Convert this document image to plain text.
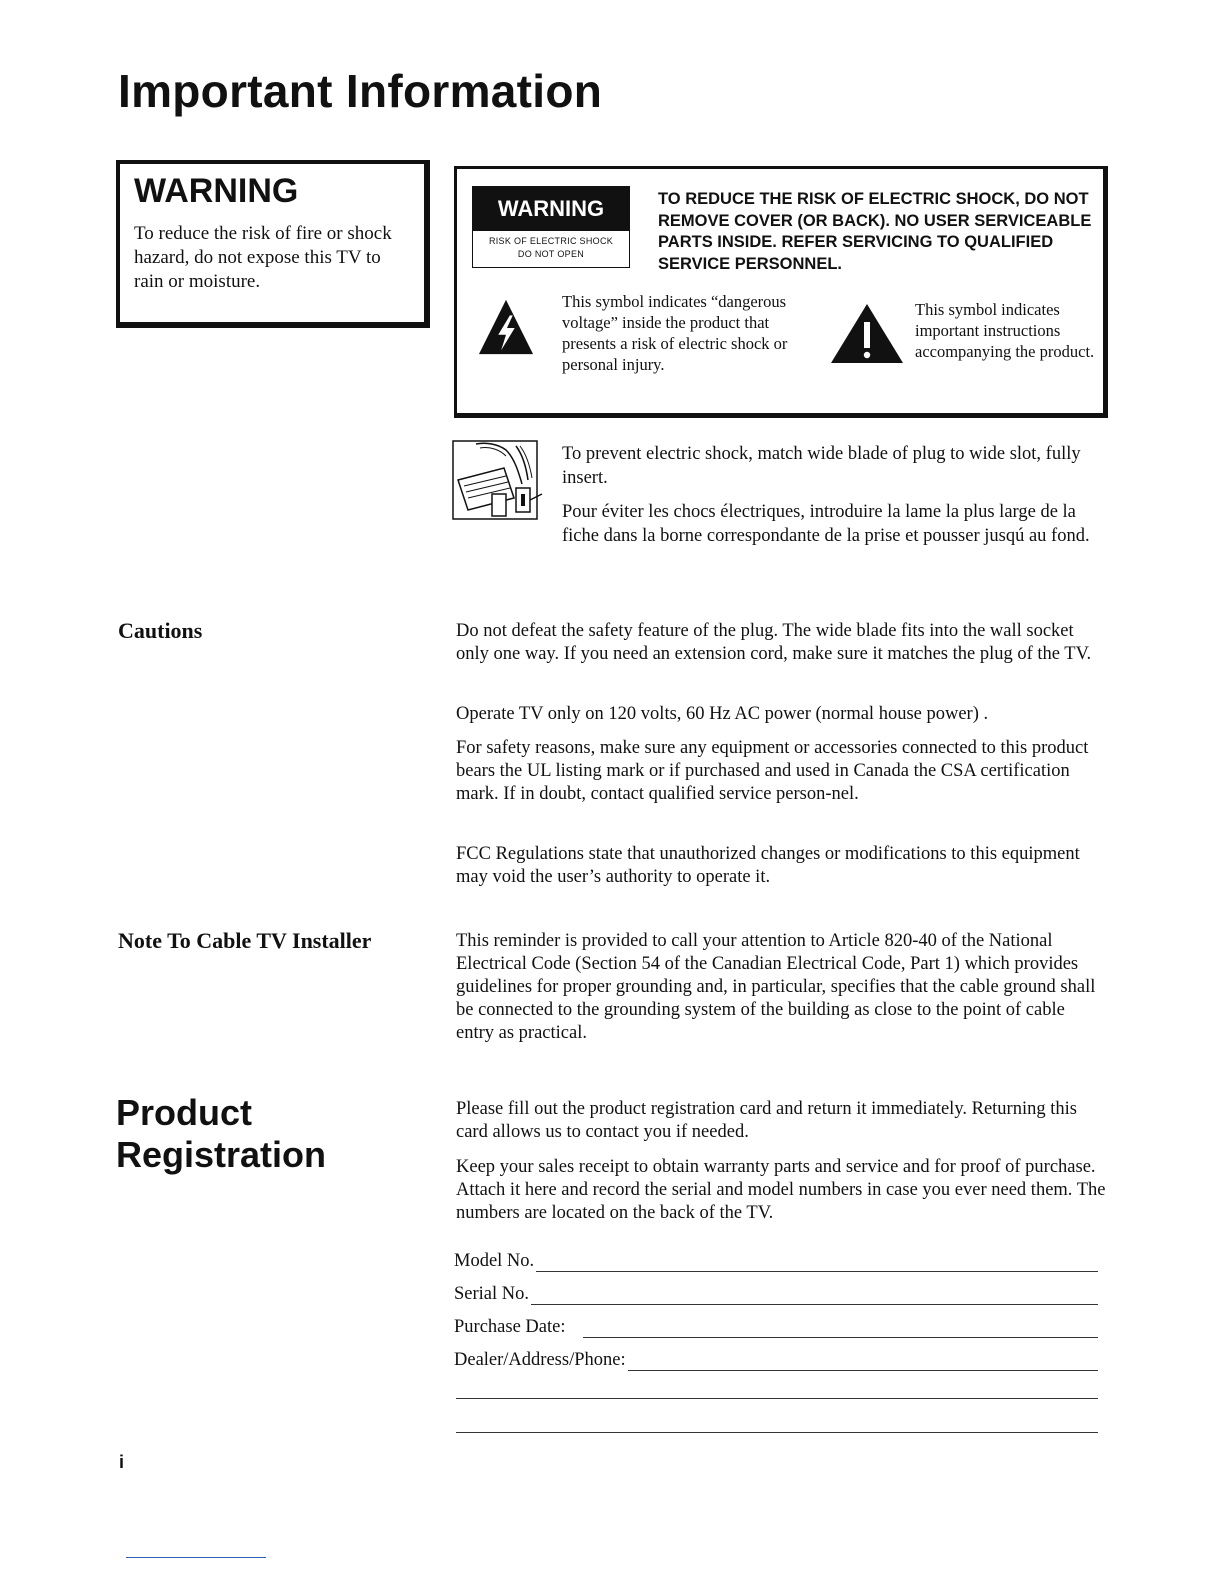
Important Information
WARNING
To reduce the risk of fire or shock hazard, do not expose this TV to rain or moisture.
WARNING
RISK OF ELECTRIC SHOCK
DO NOT OPEN
TO REDUCE THE RISK OF ELECTRIC SHOCK, DO NOT REMOVE COVER (OR BACK). NO USER SERVICEABLE PARTS INSIDE. REFER SERVICING TO QUALIFIED SERVICE PERSONNEL.
This symbol indicates “dangerous voltage” inside the product that presents a risk of electric shock or personal injury.
This symbol indicates important instructions accompanying the product.
To prevent electric shock, match wide blade of plug to wide slot, fully insert.
Pour éviter les chocs électriques, introduire la lame la plus large de la fiche dans la borne correspondante de la prise et pousser jusqú au fond.
Cautions	Do not defeat the safety feature of the plug. The wide blade fits into the wall socket only one way. If you need an extension cord, make sure it matches the plug of the TV.
Operate TV only on 120 volts, 60 Hz AC power (normal house power) .
For safety reasons, make sure any equipment or accessories connected to this product bears the UL listing mark or if purchased and used in Canada the CSA certification mark. If in doubt, contact qualified service person-nel.
FCC Regulations state that unauthorized changes or modifications to this equipment may void the user’s authority to operate it.
Note To Cable TV Installer	This reminder is provided to call your attention to Article 820-40 of the National Electrical Code (Section 54 of the Canadian Electrical Code, Part 1) which provides guidelines for proper grounding and, in particular, specifies that the cable ground shall be connected to the grounding system of the building as close to the point of cable entry as practical.
Product
Registration
Please fill out the product registration card and return it immediately. Returning this card allows us to contact you if needed.
Keep your sales receipt to obtain warranty parts and service and for proof of purchase. Attach it here and record the serial and model numbers in case you ever need them. The numbers are located on the back of the TV.
Model No.
Serial No.
Purchase Date:
Dealer/Address/Phone:
i
